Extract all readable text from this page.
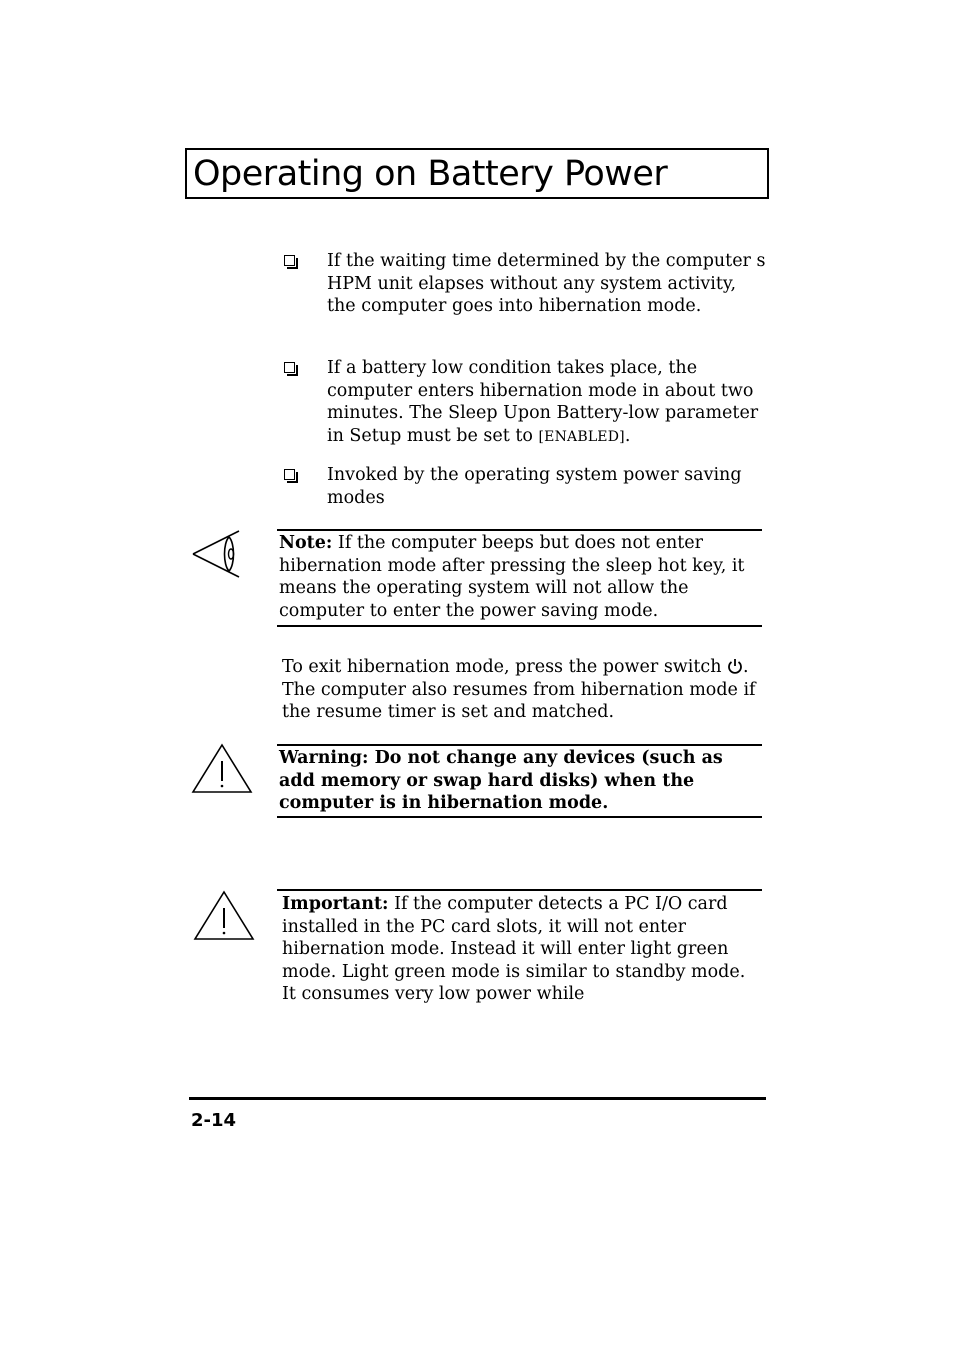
Operating on Battery Power
If the waiting time determined by the computer s HPM unit elapses without any system activity, the computer goes into hibernation mode.
If a battery low condition takes place, the computer enters hibernation mode in about two minutes. The Sleep Upon Battery-low parameter in Setup must be set to [ENABLED].
Invoked by the operating system power saving modes
Note: If the computer beeps but does not enter hibernation mode after pressing the sleep hot key, it means the operating system will not allow the computer to enter the power saving mode.
To exit hibernation mode, press the power switch . The computer also resumes from hibernation mode if the resume timer is set and matched.
Warning: Do not change any devices (such as add memory or swap hard disks) when the computer is in hibernation mode.
Important: If the computer detects a PC I/O card installed in the PC card slots, it will not enter hibernation mode. Instead it will enter light green mode. Light green mode is similar to standby mode. It consumes very low power while
2-14
